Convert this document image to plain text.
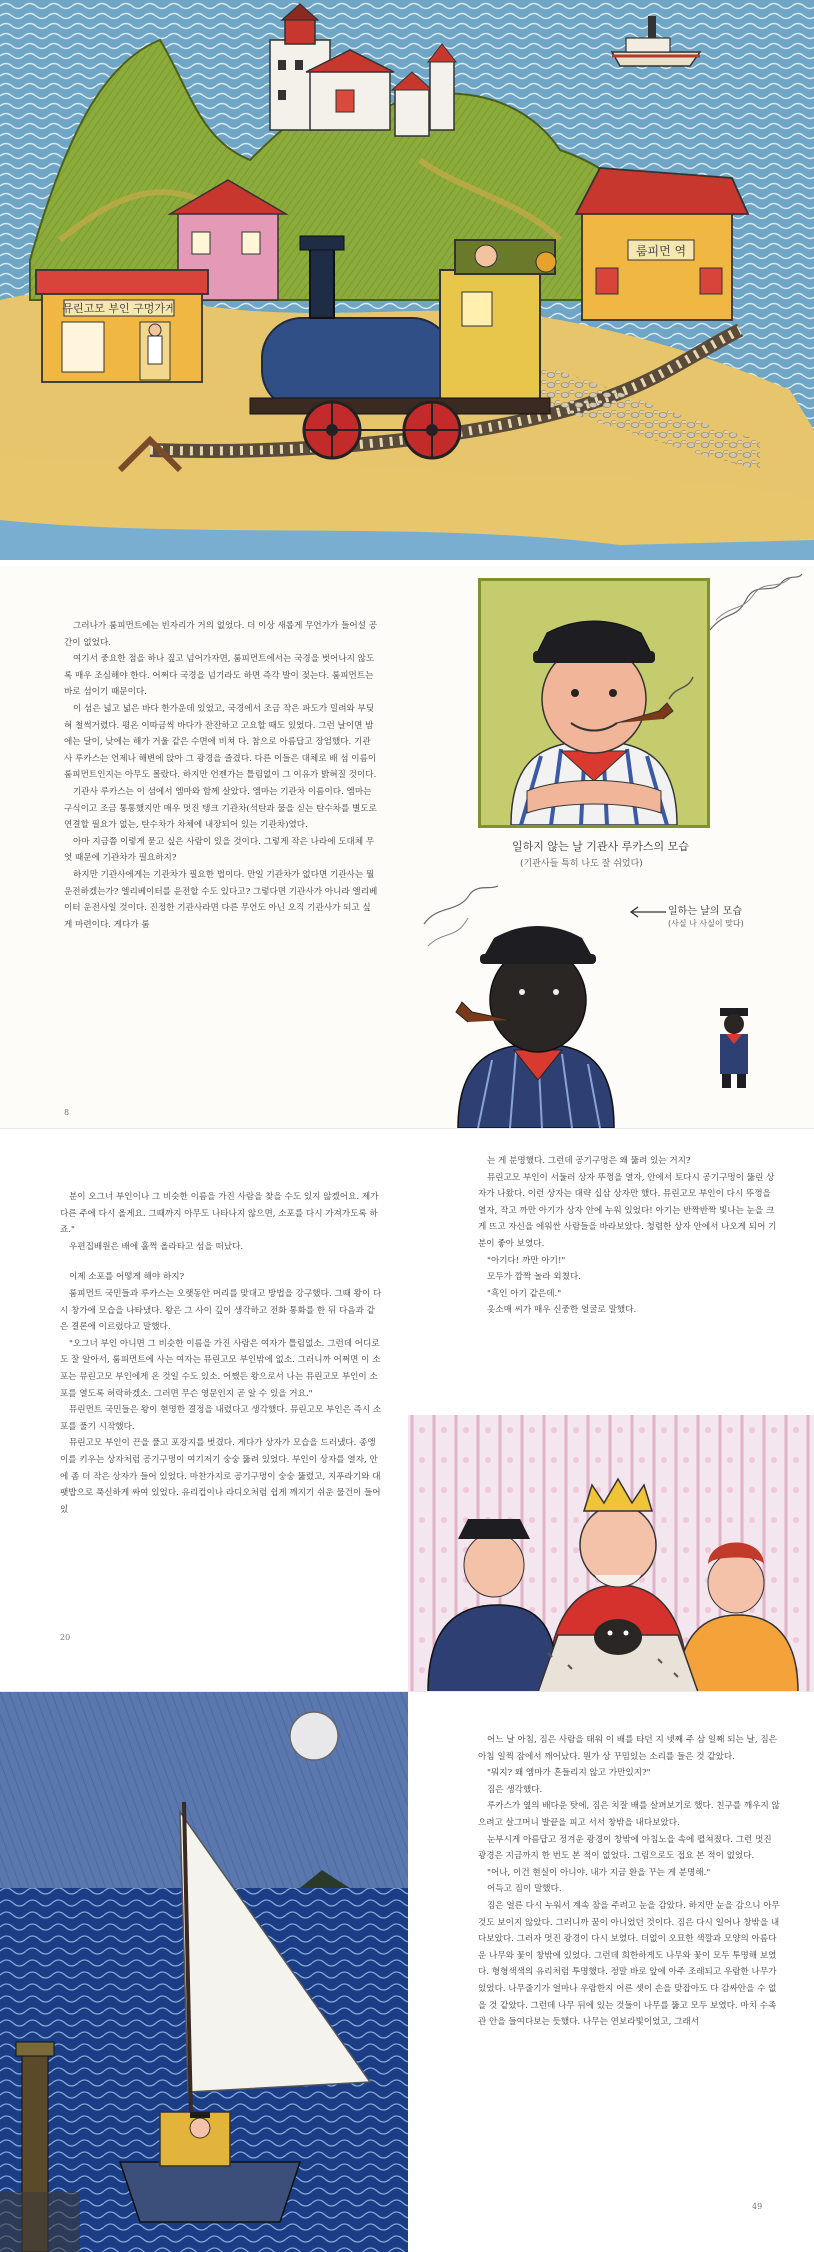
뮤린고모 부인 구멍가게
룸피먼 역

그러나가 룸피먼트에는 빈자리가 거의 없었다. 더 이상 새롭게 무언가가 들어설 공간이 없었다.

여기서 중요한 점을 하나 짚고 넘어가자면, 룸피먼트에서는 국경을 벗어나지 않도록 매우 조심해야 한다. 어쩌다 국경을 넘기라도 하면 즉각 발이 젖는다. 룸피먼트는 바로 섬이기 때문이다.

이 섬은 넓고 넓은 바다 한가운데 있었고, 국경에서 조금 작은 파도가 밀려와 부딪혀 철썩거렸다. 평온 이따금씩 바다가 잔잔하고 고요할 때도 있었다. 그런 날이면 밤에는 달이, 낮에는 해가 거울 같은 수면에 비쳐 다. 참으로 아름답고 장엄했다. 기관사 루카스는 언제나 해변에 앉아 그 광경을 즐겼다. 다른 이들은 대체로 배 섬 이름이 룸피먼트인지는 아무도 몰랐다. 하지만 언젠가는 틀림없이 그 이유가 밝혀질 것이다.

기관사 루카스는 이 섬에서 엠마와 함께 살았다. 엠마는 기관차 이름이다. 엠마는 구식이고 조금 통통했지만 매우 멋진 탱크 기관차(석탄과 물을 싣는 탄수차를 별도로 연결할 필요가 없는, 탄수차가 차체에 내장되어 있는 기관차)였다.

아마 지금쯤 이렇게 묻고 싶은 사람이 있을 것이다. 그렇게 작은 나라에 도대체 무엇 때문에 기관차가 필요하지?

하지만 기관사에게는 기관차가 필요한 법이다. 만일 기관차가 없다면 기관사는 뭘 운전하겠는가? 엘리베이터를 운전할 수도 있다고? 그렇다면 기관사가 아니라 엘리베이터 운전사일 것이다. 진정한 기관사라면 다른 무언도 아닌 오직 기관사가 되고 싶게 마련이다. 게다가 룸

8
일하지 않는 날 기관사 루카스의 모습
(기관사들 특히 나도 잘 쉬었다)
일하는 날의 모습
(사실 나 사실이 맞다)

분이 오그너 부인이나 그 비슷한 이름을 가진 사람을 찾을 수도 있지 않겠어요. 제가 다른 주에 다시 올게요. 그때까지 아무도 나타나지 않으면, 소포를 다시 가져가도록 하죠."

우편집배원은 배에 훌쩍 올라타고 섬을 떠났다.

이제 소포를 어떻게 해야 하지?

룸피먼트 국민들과 루카스는 오랫동안 머리를 맞대고 방법을 강구했다. 그때 왕이 다시 창가에 모습을 나타냈다. 왕은 그 사이 깊이 생각하고 전화 통화를 한 뒤 다음과 같은 결론에 이르렀다고 말했다.

"오그너 부인 아니면 그 비슷한 이름을 가진 사람은 여자가 틀림없소. 그런데 어디로도 잘 알아서, 룸피먼트에 사는 여자는 뮤린고모 부인밖에 없소. 그러니까 어쩌면 이 소포는 뮤린고모 부인에게 온 것일 수도 있소. 어쨌든 왕으로서 나는 뮤린고모 부인이 소포를 열도록 허락하겠소. 그러면 무슨 영문인지 곧 알 수 있을 거요."

뮤린먼트 국민들은 왕이 현명한 결정을 내렸다고 생각했다. 뮤린고모 부인은 즉시 소포를 풀기 시작했다.

뮤린고모 부인이 끈을 풀고 포장지를 벗겼다. 게다가 상자가 모습을 드러냈다. 종앵이를 키우는 상자처럼 공기구멍이 여기저기 숭숭 뚫려 있었다. 부인이 상자를 열자, 안에 좀 더 작은 상자가 들어 있었다. 마찬가지로 공기구멍이 숭숭 뚫렸고, 지푸라기와 대팻밥으로 푹신하게 싸여 있었다. 유리컵이나 라디오처럼 쉽게 깨지기 쉬운 물건이 들어 있

20

는 게 분명했다. 그런데 공기구멍은 왜 뚫려 있는 거지?

뮤린고모 부인이 서둘러 상자 뚜껑을 열자, 안에서 토다시 공기구멍이 뚫린 상자가 나왔다. 이런 상자는 대략 십삼 상자만 했다. 뮤린고모 부인이 다시 뚜껑을 열자, 작고 까만 아기가 상자 안에 누워 있었다! 아기는 반짝반짝 빛나는 눈을 크게 뜨고 자신을 에워싼 사람들을 바라보았다. 청렴한 상자 안에서 나오게 되어 기분이 좋아 보였다.

"아기다! 까만 아기!"

모두가 깜짝 놀라 외쳤다.

"흑인 아기 같은데."

옷소매 씨가 매우 신중한 얼굴로 말했다.

어느 날 아침, 짐은 사람을 태워 이 배를 타던 지 넷째 주 삼 일째 되는 날, 짐은 아침 일찍 잠에서 깨어났다. 뭔가 상 꾸밈있는 소리를 들은 것 같았다.

"뭐지? 왜 엠마가 흔들리지 않고 가만있지?"

짐은 생각했다.

루카스가 옆의 배다운 탓에, 짐은 치잘 배를 살펴보기로 했다. 친구를 깨우지 않으려고 살그머니 발끝을 피고 서서 창밖을 내다보았다.

눈부시게 아름답고 정겨운 광경이 창밖에 아침노을 속에 펼쳐졌다. 그런 멋진 광경은 지금까지 한 번도 본 적이 없었다. 그림으로도 접요 본 적이 없었다.

"어나, 이건 현실이 아니야. 내가 지금 환을 꾸는 게 분명해."

어득고 짐이 말했다.

짐은 얼른 다시 누워서 계속 잠을 주려고 눈을 감았다. 하지만 눈을 감으니 아무것도 보이지 않았다. 그러니까 꿈이 아니었던 것이다. 짐은 다시 일어나 창밖을 내다보았다. 그러자 멋진 광경이 다시 보였다. 더없이 오묘한 색깔과 모양의 아름다운 나무와 꽃이 창밖에 있었다. 그런데 희한하게도 나무와 꽃이 모두 투명해 보였다. 형형색색의 유리처럼 투명했다. 정말 바로 앞에 아주 조레되고 우람한 나무가 있었다. 나무줄기가 얼마나 우람한지 어른 셋이 손을 맞잡아도 다 감싸안을 수 없을 것 같았다. 그런데 나무 뒤에 있는 것들이 나무를 뚫고 모두 보였다. 마치 수족관 안을 들여다보는 듯했다. 나무는 연보라빛이었고, 그래서

49
